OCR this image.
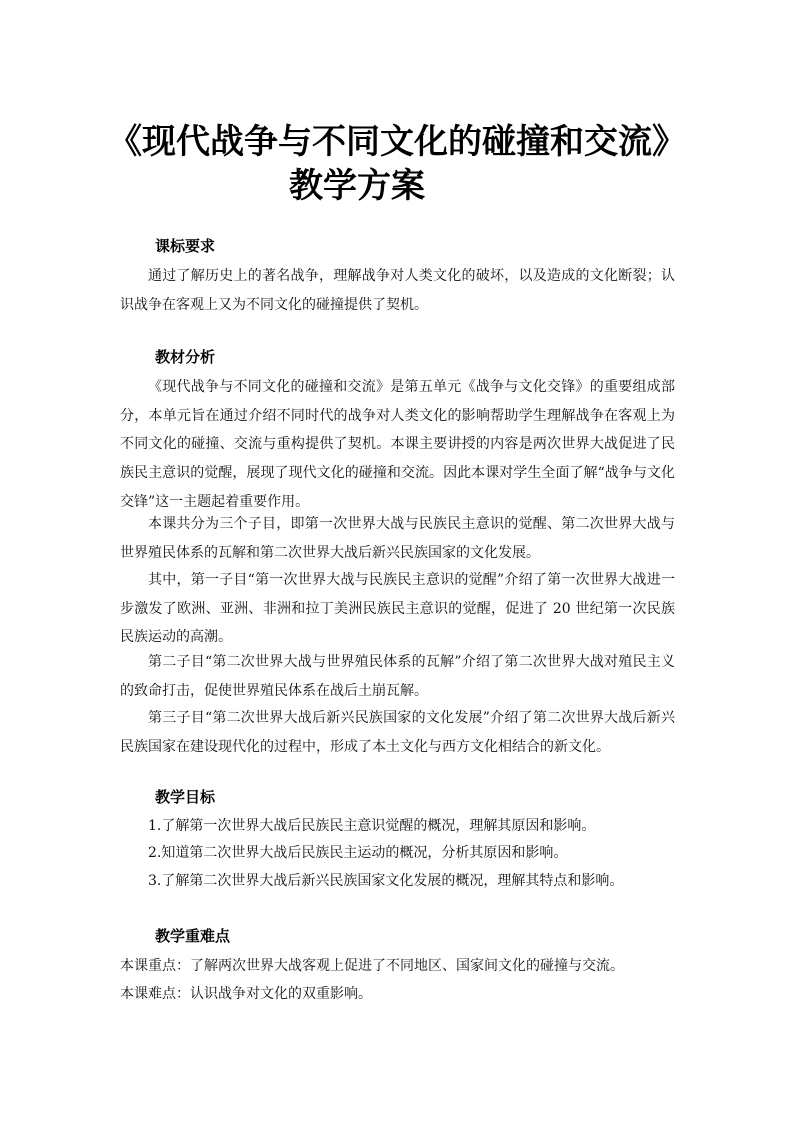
《现代战争与不同文化的碰撞和交流》
教学方案
课标要求

通过了解历史上的著名战争，理解战争对人类文化的破坏，以及造成的文化断裂；认识战争在客观上又为不同文化的碰撞提供了契机。

教材分析

《现代战争与不同文化的碰撞和交流》是第五单元《战争与文化交锋》的重要组成部分，本单元旨在通过介绍不同时代的战争对人类文化的影响帮助学生理解战争在客观上为不同文化的碰撞、交流与重构提供了契机。本课主要讲授的内容是两次世界大战促进了民族民主意识的觉醒，展现了现代文化的碰撞和交流。因此本课对学生全面了解“战争与文化交锋”这一主题起着重要作用。

本课共分为三个子目，即第一次世界大战与民族民主意识的觉醒、第二次世界大战与世界殖民体系的瓦解和第二次世界大战后新兴民族国家的文化发展。

其中，第一子目“第一次世界大战与民族民主意识的觉醒”介绍了第一次世界大战进一步激发了欧洲、亚洲、非洲和拉丁美洲民族民主意识的觉醒，促进了 20 世纪第一次民族民族运动的高潮。

第二子目“第二次世界大战与世界殖民体系的瓦解”介绍了第二次世界大战对殖民主义的致命打击，促使世界殖民体系在战后土崩瓦解。

第三子目“第二次世界大战后新兴民族国家的文化发展”介绍了第二次世界大战后新兴民族国家在建设现代化的过程中，形成了本土文化与西方文化相结合的新文化。

教学目标
1.了解第一次世界大战后民族民主意识觉醒的概况，理解其原因和影响。
2.知道第二次世界大战后民族民主运动的概况，分析其原因和影响。
3.了解第二次世界大战后新兴民族国家文化发展的概况，理解其特点和影响。
教学重难点
本课重点：了解两次世界大战客观上促进了不同地区、国家间文化的碰撞与交流。
本课难点：认识战争对文化的双重影响。
